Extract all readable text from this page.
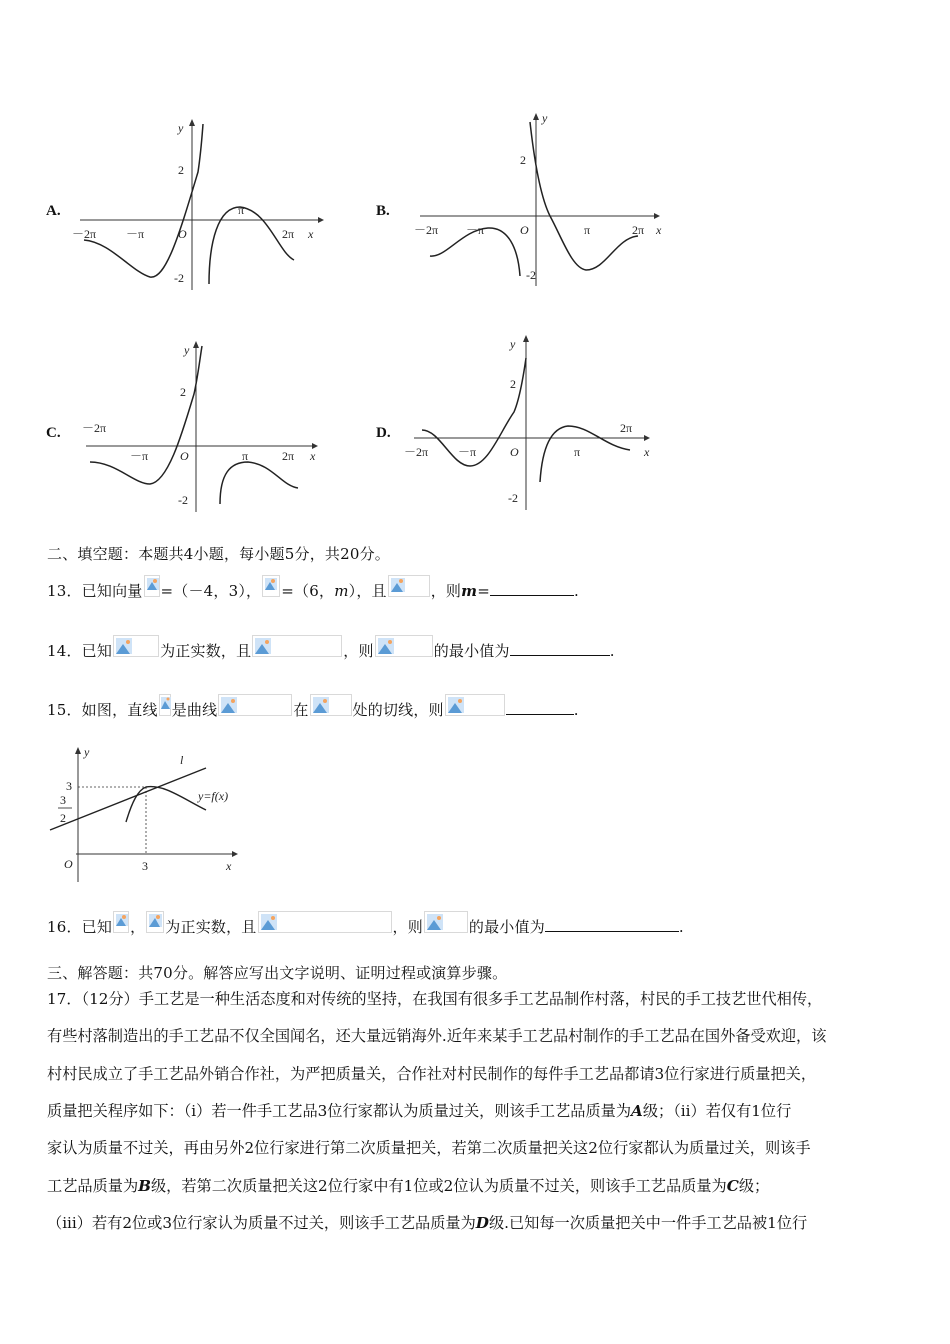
A.
y
x
O
2
-2
π
－π
－2π	2π
B.
y
x
O
2
-2
π
－π
－2π	2π
C.
y
x
O
2
-2
π
－π
－2π
2π
D.
y
x
O
2
-2
π
－π
－2π
2π
二、填空题：本题共4小题，每小题5分，共20分。
13．已知向量 =（－4，3）， =（6，m），且	，则m=	.
14．已知	为正实数，且	，则	的最小值为	.
15．如图，直线 是曲线	在	处的切线，则	.
y
x
O
l
y=f(x)
3
3
2
3
16．已知 ， 为正实数，且	，则	的最小值为	.
三、解答题：共70分。解答应写出文字说明、证明过程或演算步骤。
17．（12分）手工艺是一种生活态度和对传统的坚持，在我国有很多手工艺品制作村落，村民的手工技艺世代相传，
有些村落制造出的手工艺品不仅全国闻名，还大量远销海外.近年来某手工艺品村制作的手工艺品在国外备受欢迎，该
村村民成立了手工艺品外销合作社，为严把质量关，合作社对村民制作的每件手工艺品都请3位行家进行质量把关，
质量把关程序如下：（i）若一件手工艺品3位行家都认为质量过关，则该手工艺品质量为A级；（ii）若仅有1位行
家认为质量不过关，再由另外2位行家进行第二次质量把关，若第二次质量把关这2位行家都认为质量过关，则该手
工艺品质量为B级，若第二次质量把关这2位行家中有1位或2位认为质量不过关，则该手工艺品质量为C级；
（iii）若有2位或3位行家认为质量不过关，则该手工艺品质量为D级.已知每一次质量把关中一件手工艺品被1位行
